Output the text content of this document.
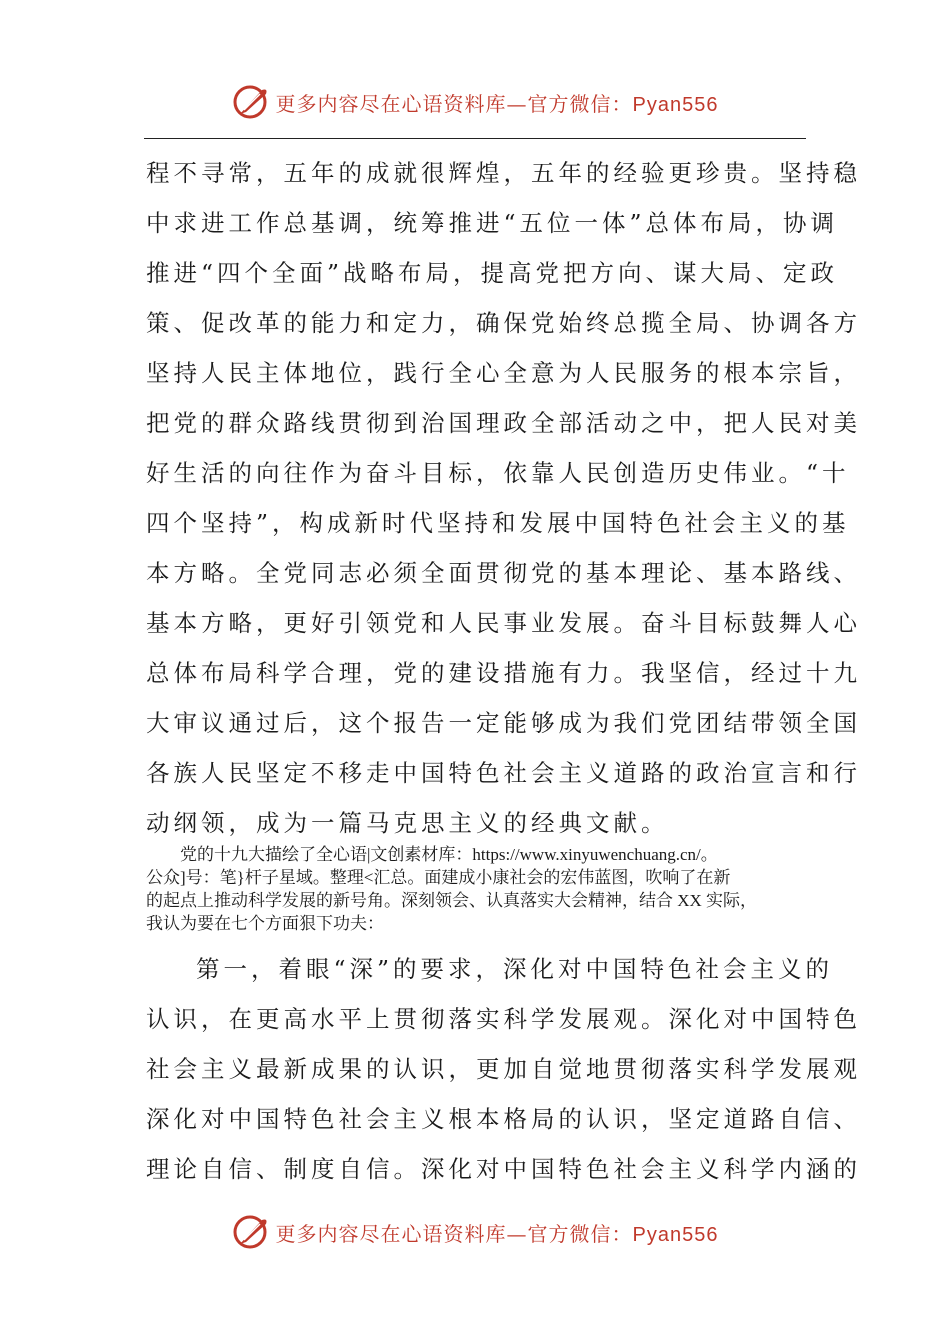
更多内容尽在心语资料库—官方微信：Pyan556
程不寻常，五年的成就很辉煌，五年的经验更珍贵。坚持稳
中求进工作总基调，统筹推进“五位一体”总体布局，协调
推进“四个全面”战略布局，提高党把方向、谋大局、定政
策、促改革的能力和定力，确保党始终总揽全局、协调各方
坚持人民主体地位，践行全心全意为人民服务的根本宗旨，
把党的群众路线贯彻到治国理政全部活动之中，把人民对美
好生活的向往作为奋斗目标，依靠人民创造历史伟业。“十
四个坚持”，构成新时代坚持和发展中国特色社会主义的基
本方略。全党同志必须全面贯彻党的基本理论、基本路线、
基本方略，更好引领党和人民事业发展。奋斗目标鼓舞人心
总体布局科学合理，党的建设措施有力。我坚信，经过十九
大审议通过后，这个报告一定能够成为我们党团结带领全国
各族人民坚定不移走中国特色社会主义道路的政治宣言和行
动纲领，成为一篇马克思主义的经典文献。
党的十九大描绘了全心语|文创素材库：https://www.xinyuwenchuang.cn/。
公众]号：笔}杆子星域。整理<汇总。面建成小康社会的宏伟蓝图，吹响了在新
的起点上推动科学发展的新号角。深刻领会、认真落实大会精神，结合 XX 实际，
我认为要在七个方面狠下功夫：
第一，着眼“深”的要求，深化对中国特色社会主义的
认识，在更高水平上贯彻落实科学发展观。深化对中国特色
社会主义最新成果的认识，更加自觉地贯彻落实科学发展观
深化对中国特色社会主义根本格局的认识，坚定道路自信、
理论自信、制度自信。深化对中国特色社会主义科学内涵的
更多内容尽在心语资料库—官方微信：Pyan556
